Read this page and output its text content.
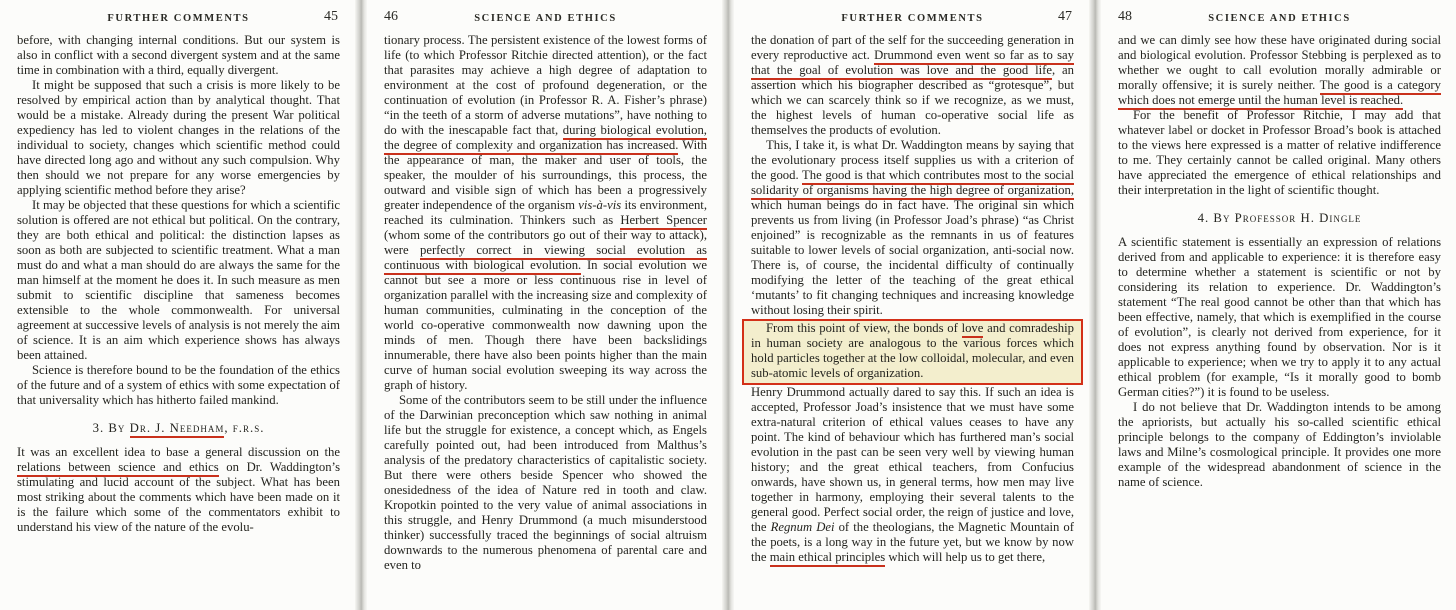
FURTHER COMMENTS	45

before, with changing internal conditions. But our system is also in conflict with a second divergent system and at the same time in combination with a third, equally divergent.

It might be supposed that such a crisis is more likely to be resolved by empirical action than by analytical thought. That would be a mistake. Already during the present War political expediency has led to violent changes in the relations of the individual to society, changes which scientific method could have directed long ago and without any such compulsion. Why then should we not prepare for any worse emergencies by applying scientific method before they arise?

It may be objected that these questions for which a scientific solution is offered are not ethical but political. On the contrary, they are both ethical and political: the distinction lapses as soon as both are subjected to scientific treatment. What a man must do and what a man should do are always the same for the man himself at the moment he does it. In such measure as men submit to scientific discipline that sameness becomes extensible to the whole commonwealth. For universal agreement at successive levels of analysis is not merely the aim of science. It is an aim which experience shows has always been attained.

Science is therefore bound to be the foundation of the ethics of the future and of a system of ethics with some expectation of that universality which has hitherto failed mankind.

3. By Dr. J. Needham, f.r.s.

It was an excellent idea to base a general discussion on the relations between science and ethics on Dr. Waddington’s stimulating and lucid account of the subject. What has been most striking about the comments which have been made on it is the failure which some of the commentators exhibit to understand his view of the nature of the evolu-

SCIENCE AND ETHICS
46

tionary process. The persistent existence of the lowest forms of life (to which Professor Ritchie directed attention), or the fact that parasites may achieve a high degree of adaptation to environment at the cost of profound degeneration, or the continuation of evolution (in Professor R. A. Fisher’s phrase) “in the teeth of a storm of adverse mutations”, have nothing to do with the inescapable fact that, during biological evolution, the degree of complexity and organization has increased. With the appearance of man, the maker and user of tools, the speaker, the moulder of his surroundings, this process, the outward and visible sign of which has been a progressively greater independence of the organism vis-à-vis its environment, reached its culmination. Thinkers such as Herbert Spencer (whom some of the contributors go out of their way to attack), were perfectly correct in viewing social evolution as continuous with biological evolution. In social evolution we cannot but see a more or less continuous rise in level of organization parallel with the increasing size and complexity of human communities, culminating in the conception of the world co-operative commonwealth now dawning upon the minds of men. Though there have been backslidings innumerable, there have also been points higher than the main curve of human social evolution sweeping its way across the graph of history.

Some of the contributors seem to be still under the influence of the Darwinian preconception which saw nothing in animal life but the struggle for existence, a concept which, as Engels carefully pointed out, had been introduced from Malthus’s analysis of the predatory characteristics of capitalistic society. But there were others beside Spencer who showed the onesidedness of the idea of Nature red in tooth and claw. Kropotkin pointed to the very value of animal associations in this struggle, and Henry Drummond (a much misunderstood thinker) successfully traced the beginnings of social altruism downwards to the numerous phenomena of parental care and even to

FURTHER COMMENTS	47

the donation of part of the self for the succeeding generation in every reproductive act. Drummond even went so far as to say that the goal of evolution was love and the good life, an assertion which his biographer described as “grotesque”, but which we can scarcely think so if we recognize, as we must, the highest levels of human co-operative social life as themselves the products of evolution.

This, I take it, is what Dr. Waddington means by saying that the evolutionary process itself supplies us with a criterion of the good. The good is that which contributes most to the social solidarity of organisms having the high degree of organization, which human beings do in fact have. The original sin which prevents us from living (in Professor Joad’s phrase) “as Christ enjoined” is recognizable as the remnants in us of features suitable to lower levels of social organization, anti-social now. There is, of course, the incidental difficulty of continually modifying the letter of the teaching of the great ethical ‘mutants’ to fit changing techniques and increasing knowledge without losing their spirit.

From this point of view, the bonds of love and comradeship in human society are analogous to the various forces which hold particles together at the low colloidal, molecular, and even sub-atomic levels of organization.

Henry Drummond actually dared to say this. If such an idea is accepted, Professor Joad’s insistence that we must have some extra-natural criterion of ethical values ceases to have any point. The kind of behaviour which has furthered man’s social evolution in the past can be seen very well by viewing human history; and the great ethical teachers, from Confucius onwards, have shown us, in general terms, how men may live together in harmony, employing their several talents to the general good. Perfect social order, the reign of justice and love, the Regnum Dei of the theologians, the Magnetic Mountain of the poets, is a long way in the future yet, but we know by now the main ethical principles which will help us to get there,

SCIENCE AND ETHICS
48

and we can dimly see how these have originated during social and biological evolution. Professor Stebbing is perplexed as to whether we ought to call evolution morally admirable or morally offensive; it is surely neither. The good is a category which does not emerge until the human level is reached.

For the benefit of Professor Ritchie, I may add that whatever label or docket in Professor Broad’s book is attached to the views here expressed is a matter of relative indifference to me. They certainly cannot be called original. Many others have appreciated the emergence of ethical relationships and their interpretation in the light of scientific thought.

4. By Professor H. Dingle

A scientific statement is essentially an expression of relations derived from and applicable to experience: it is therefore easy to determine whether a statement is scientific or not by considering its relation to experience. Dr. Waddington’s statement “The real good cannot be other than that which has been effective, namely, that which is exemplified in the course of evolution”, is clearly not derived from experience, for it does not express anything found by observation. Nor is it applicable to experience; when we try to apply it to any actual ethical problem (for example, “Is it morally good to bomb German cities?”) it is found to be useless.

I do not believe that Dr. Waddington intends to be among the apriorists, but actually his so-called scientific ethical principle belongs to the company of Eddington’s inviolable laws and Milne’s cosmological principle. It provides one more example of the widespread abandonment of science in the name of science.
